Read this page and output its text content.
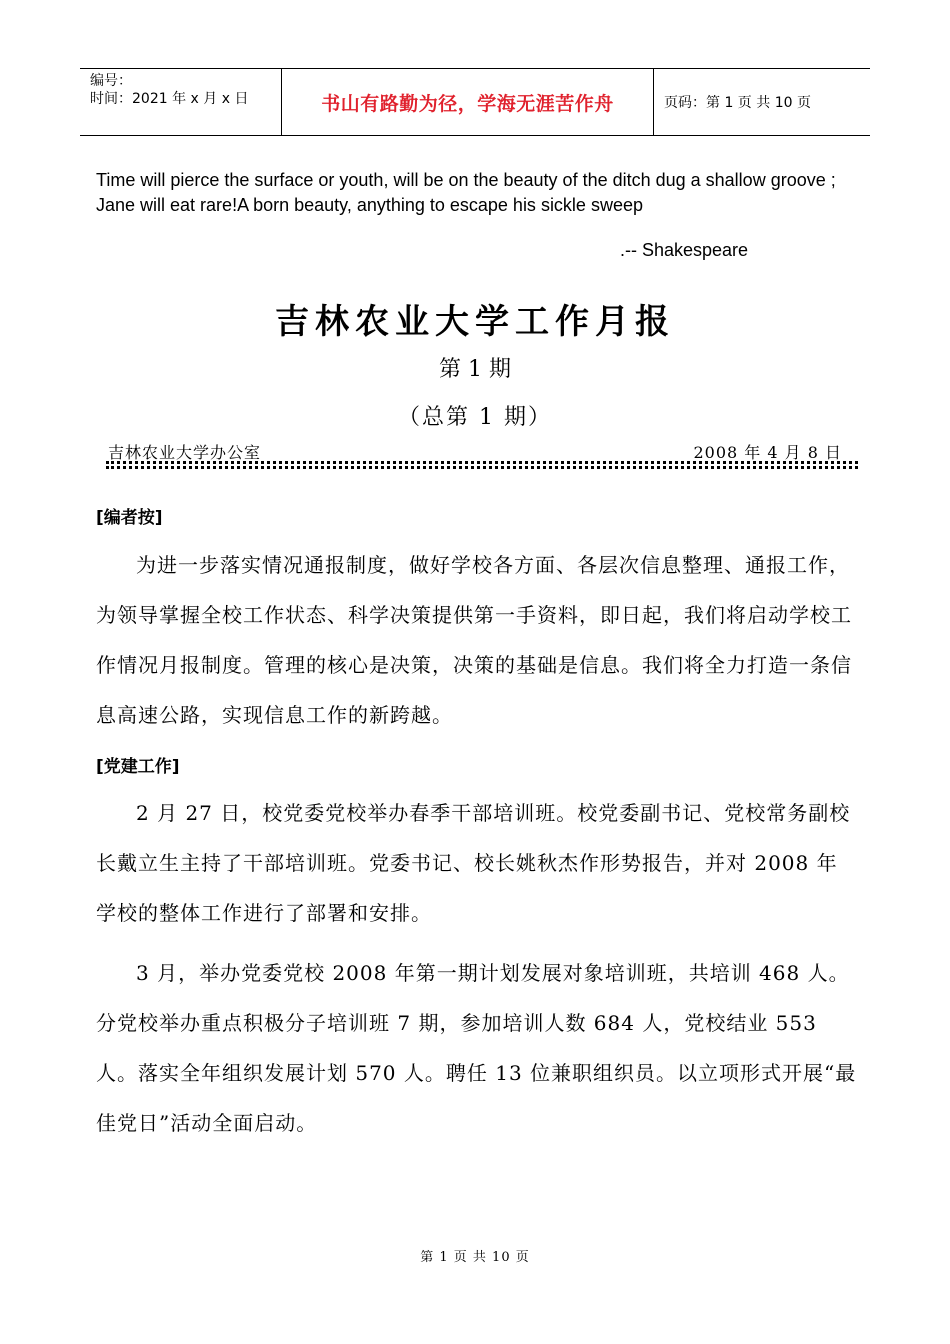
编号：
时间：2021 年 x 月 x 日	书山有路勤为径，学海无涯苦作舟	页码：第 1 页 共 10 页
Time will pierce the surface or youth, will be on the beauty of the ditch dug a shallow groove ; Jane will eat rare!A born beauty, anything to escape his sickle sweep
.-- Shakespeare
吉林农业大学工作月报
第 1 期
（总第 1 期）
吉林农业大学办公室	2008 年 4 月 8 日
[编者按]
为进一步落实情况通报制度，做好学校各方面、各层次信息整理、通报工作，为领导掌握全校工作状态、科学决策提供第一手资料，即日起，我们将启动学校工作情况月报制度。管理的核心是决策，决策的基础是信息。我们将全力打造一条信息高速公路，实现信息工作的新跨越。
[党建工作]
2 月 27 日，校党委党校举办春季干部培训班。校党委副书记、党校常务副校长戴立生主持了干部培训班。党委书记、校长姚秋杰作形势报告，并对 2008 年学校的整体工作进行了部署和安排。
3 月，举办党委党校 2008 年第一期计划发展对象培训班，共培训 468 人。分党校举办重点积极分子培训班 7 期，参加培训人数 684 人，党校结业 553 人。落实全年组织发展计划 570 人。聘任 13 位兼职组织员。以立项形式开展“最佳党日”活动全面启动。
第 1 页 共 10 页
